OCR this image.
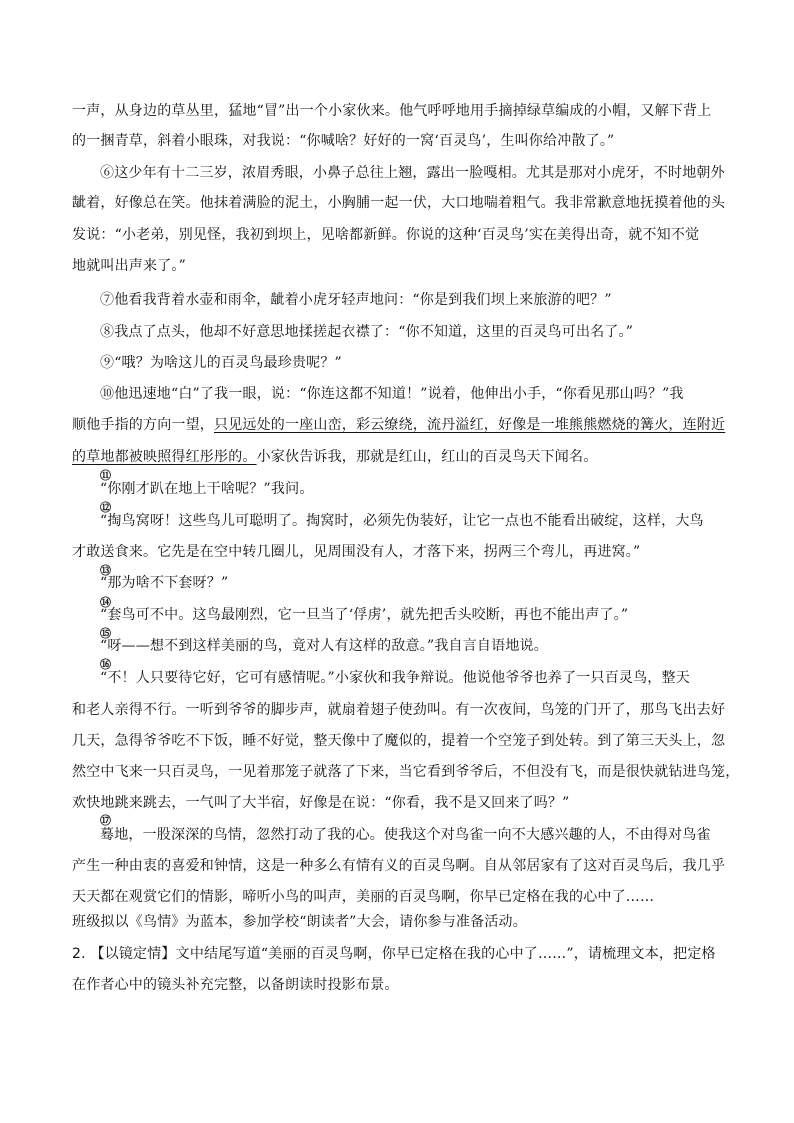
一声，从身边的草丛里，猛地“冒”出一个小家伙来。他气呼呼地用手摘掉绿草编成的小帽，又解下背上
的一捆青草，斜着小眼珠，对我说：“你喊啥？好好的一窝‘百灵鸟’，生叫你给冲散了。”
⑥这少年有十二三岁，浓眉秀眼，小鼻子总往上翘，露出一脸嘎相。尤其是那对小虎牙，不时地朝外
龇着，好像总在笑。他抹着满脸的泥土，小胸脯一起一伏，大口地喘着粗气。我非常歉意地抚摸着他的头
发说：“小老弟，别见怪，我初到坝上，见啥都新鲜。你说的这种‘百灵鸟’实在美得出奇，就不知不觉
地就叫出声来了。”
⑦他看我背着水壶和雨伞，龇着小虎牙轻声地问：“你是到我们坝上来旅游的吧？”
⑧我点了点头，他却不好意思地揉搓起衣襟了：“你不知道，这里的百灵鸟可出名了。”
⑨“哦？为啥这儿的百灵鸟最珍贵呢？”
⑩他迅速地“白”了我一眼，说：“你连这都不知道！”说着，他伸出小手，“你看见那山吗？”我
顺他手指的方向一望，只见远处的一座山峦，彩云缭绕，流丹溢红，好像是一堆熊熊燃烧的篝火，连附近
的草地都被映照得红彤彤的。小家伙告诉我，那就是红山，红山的百灵鸟天下闻名。
⑪
“你刚才趴在地上干啥呢？”我问。
⑫
“掏鸟窝呀！这些鸟儿可聪明了。掏窝时，必须先伪装好，让它一点也不能看出破绽，这样，大鸟
才敢送食来。它先是在空中转几圈儿，见周围没有人，才落下来，拐两三个弯儿，再进窝。”
⑬
“那为啥不下套呀？”
⑭
“套鸟可不中。这鸟最刚烈，它一旦当了‘俘虏’，就先把舌头咬断，再也不能出声了。”
⑮
“呀——想不到这样美丽的鸟，竟对人有这样的敌意。”我自言自语地说。
⑯
“不！人只要待它好，它可有感情呢。”小家伙和我争辩说。他说他爷爷也养了一只百灵鸟，整天
和老人亲得不行。一听到爷爷的脚步声，就扇着翅子使劲叫。有一次夜间，鸟笼的门开了，那鸟飞出去好
几天，急得爷爷吃不下饭，睡不好觉，整天像中了魔似的，提着一个空笼子到处转。到了第三天头上，忽
然空中飞来一只百灵鸟，一见着那笼子就落了下来，当它看到爷爷后，不但没有飞，而是很快就钻进鸟笼，
欢快地跳来跳去，一气叫了大半宿，好像是在说：“你看，我不是又回来了吗？”
⑰
蓦地，一股深深的鸟情，忽然打动了我的心。使我这个对鸟雀一向不大感兴趣的人，不由得对鸟雀
产生一种由衷的喜爱和钟情，这是一种多么有情有义的百灵鸟啊。自从邻居家有了这对百灵鸟后，我几乎
天天都在观赏它们的情影，啼听小鸟的叫声，美丽的百灵鸟啊，你早已定格在我的心中了……
班级拟以《鸟情》为蓝本，参加学校“朗读者”大会，请你参与准备活动。
2. 【以镜定情】文中结尾写道“美丽的百灵鸟啊，你早已定格在我的心中了……”，请梳理文本，把定格
在作者心中的镜头补充完整，以备朗读时投影布景。
